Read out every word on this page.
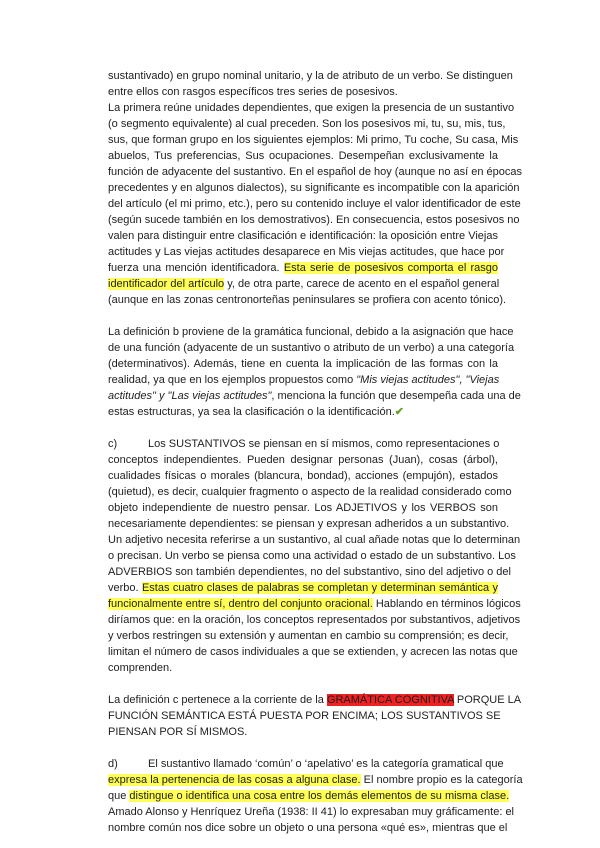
sustantivado) en grupo nominal unitario, y la de atributo de un verbo. Se distinguen
entre ellos con rasgos específicos tres series de posesivos.
La primera reúne unidades dependientes, que exigen la presencia de un sustantivo
(o segmento equivalente) al cual preceden. Son los posesivos mi, tu, su, mis, tus,
sus, que forman grupo en los siguientes ejemplos: Mi primo, Tu coche, Su casa, Mis
abuelos, Tus preferencias, Sus ocupaciones. Desempeñan exclusivamente la
función de adyacente del sustantivo. En el español de hoy (aunque no así en épocas
precedentes y en algunos dialectos), su significante es incompatible con la aparición
del artículo (el mi primo, etc.), pero su contenido incluye el valor identificador de este
(según sucede también en los demostrativos). En consecuencia, estos posesivos no
valen para distinguir entre clasificación e identificación: la oposición entre Viejas
actitudes y Las viejas actitudes desaparece en Mis viejas actitudes, que hace por
fuerza una mención identificadora. Esta serie de posesivos comporta el rasgo
identificador del artículo y, de otra parte, carece de acento en el español general
(aunque en las zonas centronorteñas peninsulares se profiera con acento tónico).
La definición b proviene de la gramática funcional, debido a la asignación que hace
de una función (adyacente de un sustantivo o atributo de un verbo) a una categoría
(determinativos). Además, tiene en cuenta la implicación de las formas con la
realidad, ya que en los ejemplos propuestos como "Mis viejas actitudes", "Viejas
actitudes" y "Las viejas actitudes", menciona la función que desempeña cada una de
estas estructuras, ya sea la clasificación o la identificación.✔
c)	Los SUSTANTIVOS se piensan en sí mismos, como representaciones o
conceptos independientes. Pueden designar personas (Juan), cosas (árbol),
cualidades físicas o morales (blancura, bondad), acciones (empujón), estados
(quietud), es decir, cualquier fragmento o aspecto de la realidad considerado como
objeto independiente de nuestro pensar. Los ADJETIVOS y los VERBOS son
necesariamente dependientes: se piensan y expresan adheridos a un substantivo.
Un adjetivo necesita referirse a un sustantivo, al cual añade notas que lo determinan
o precisan. Un verbo se piensa como una actividad o estado de un substantivo. Los
ADVERBIOS son también dependientes, no del substantivo, sino del adjetivo o del
verbo. Estas cuatro clases de palabras se completan y determinan semántica y
funcionalmente entre sí, dentro del conjunto oracional. Hablando en términos lógicos
diríamos que: en la oración, los conceptos representados por substantivos, adjetivos
y verbos restringen su extensión y aumentan en cambio su comprensión; es decir,
limitan el número de casos individuales a que se extienden, y acrecen las notas que
comprenden.
La definición c pertenece a la corriente de la GRAMÁTICA COGNITIVA PORQUE LA
FUNCIÓN SEMÁNTICA ESTÁ PUESTA POR ENCIMA; LOS SUSTANTIVOS SE
PIENSAN POR SÍ MISMOS.
d)	El sustantivo llamado ‘común’ o ‘apelativo’ es la categoría gramatical que
expresa la pertenencia de las cosas a alguna clase. El nombre propio es la categoría
que distingue o identifica una cosa entre los demás elementos de su misma clase.
Amado Alonso y Henríquez Ureña (1938: II 41) lo expresaban muy gráficamente: el
nombre común nos dice sobre un objeto o una persona «qué es», mientras que el
